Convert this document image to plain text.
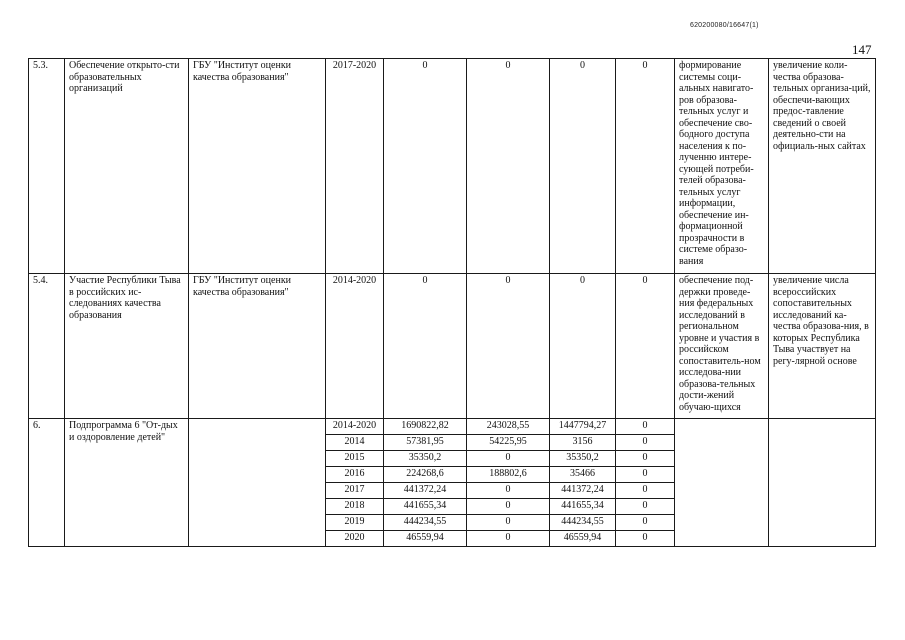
620200080/16647(1)
147
5.3.	Обеспечение открыто-сти образовательных организаций	ГБУ "Институт оценки качества образования"	2017-2020	0	0	0	0	формирование системы соци-альных навигато-ров образова-тельных услуг и обеспечение сво-бодного доступа населения к по-лученню интере-сующей потреби-телей образова-тельных услуг информации, обеспечение ин-формационной прозрачности в системе образо-вания	увеличение коли-чества образова-тельных организа-ций, обеспечи-вающих предос-тавление сведений о своей деятельно-сти на официаль-ных сайтах
5.4.	Участие Республики Тыва в российских ис-следованиях качества образования	ГБУ "Институт оценки качества образования"	2014-2020	0	0	0	0	обеспечение под-держки проведе-ния федеральных исследований в региональном уровне и участия в российском сопоставитель-ном исследова-нии образова-тельных дости-жений обучаю-щихся	увеличение числа всероссийских сопоставительных исследований ка-чества образова-ния, в которых Республика Тыва участвует на регу-лярной основе
6.	Подпрограмма 6 "От-дых и оздоровление детей"		2014-2020	1690822,82	243028,55	1447794,27	0		
			2014	57381,95	54225,95	3156	0		
			2015	35350,2	0	35350,2	0		
			2016	224268,6	188802,6	35466	0		
			2017	441372,24	0	441372,24	0		
			2018	441655,34	0	441655,34	0		
			2019	444234,55	0	444234,55	0		
			2020	46559,94	0	46559,94	0		
